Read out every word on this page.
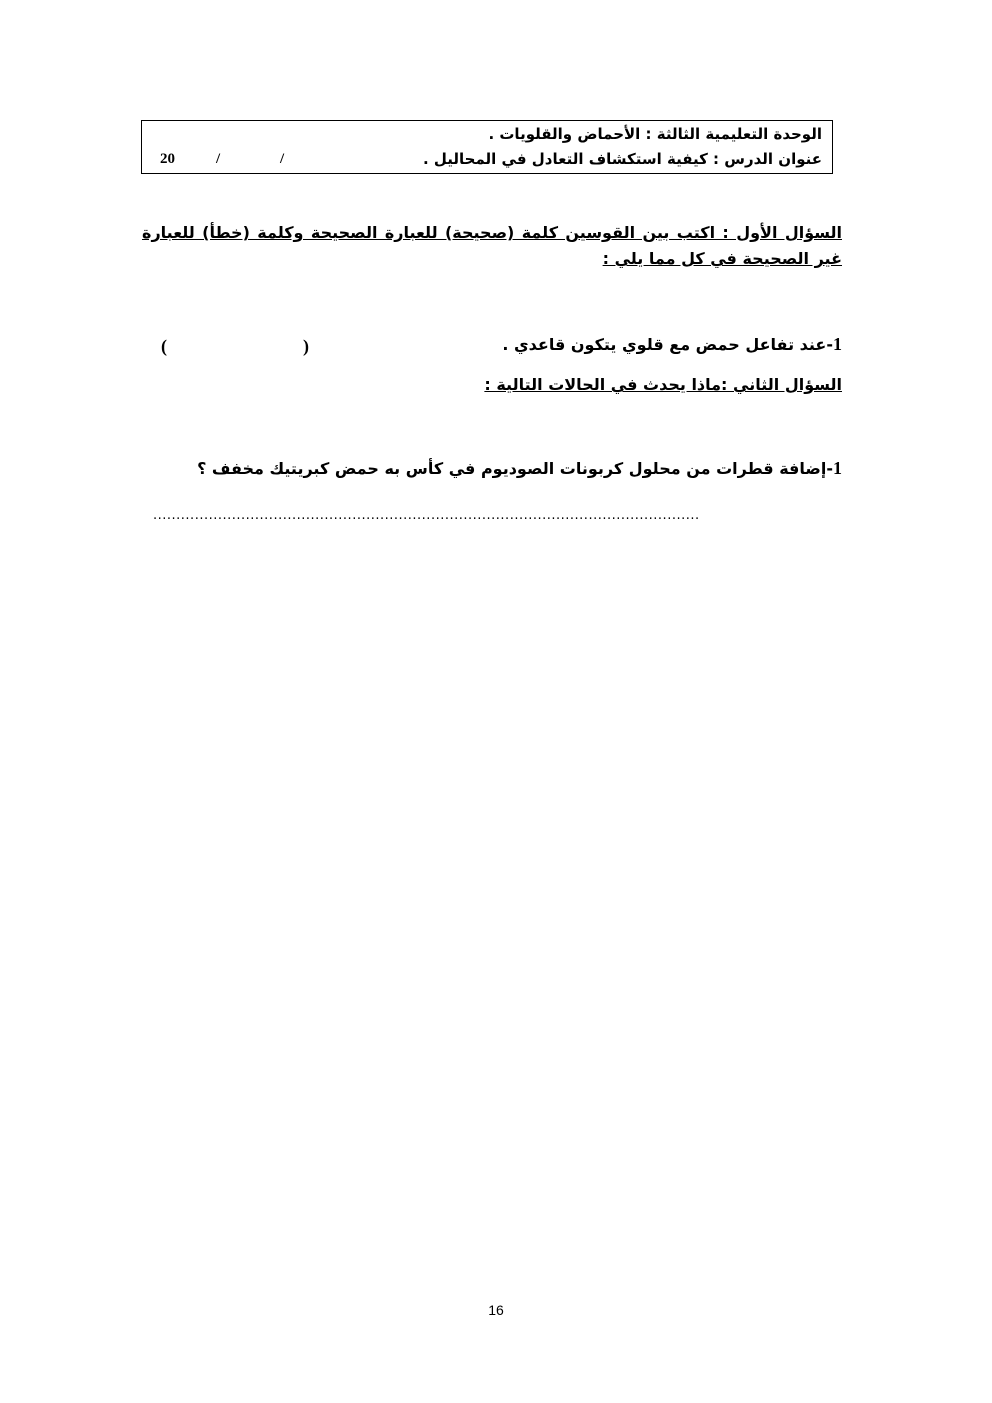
الوحدة التعليمية الثالثة : الأحماض والقلويات .
عنوان الدرس : كيفية استكشاف التعادل في المحاليل .
20	/	/
السؤال الأول : اكتب بين القوسين كلمة (صحيحة) للعبارة الصحيحة وكلمة (خطأ) للعبارة غير الصحيحة في كل مما يلي :
1-عند تفاعل حمض مع قلوي يتكون قاعدي .
(
)
السؤال الثاني :ماذا يحدث في الحالات التالية :
1-إضافة قطرات من محلول كربونات الصوديوم في كأس به حمض كبريتيك مخفف ؟
......................................................................................................................
16
